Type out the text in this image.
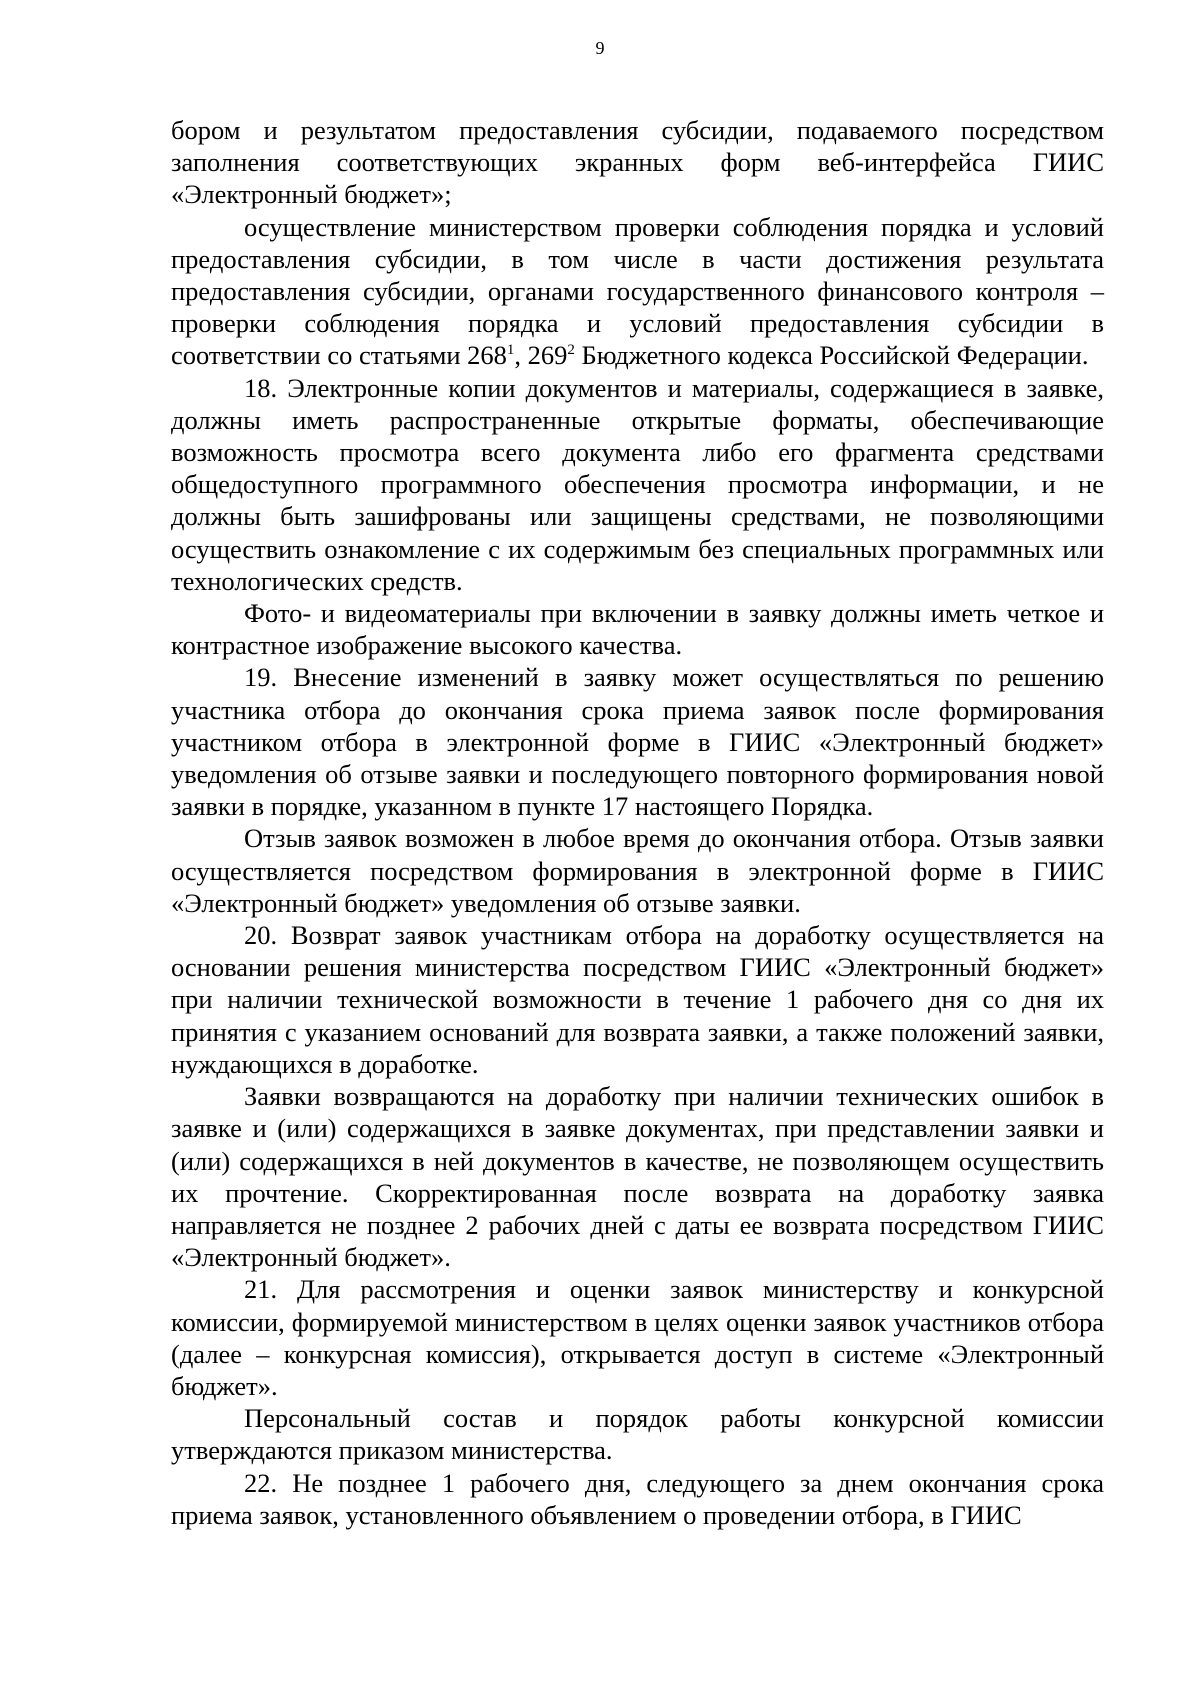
9

бором и результатом предоставления субсидии, подаваемого посредством заполнения соответствующих экранных форм веб-интерфейса ГИИС «Электронный бюджет»;

осуществление министерством проверки соблюдения порядка и условий предоставления субсидии, в том числе в части достижения результата предоставления субсидии, органами государственного финансового контроля – проверки соблюдения порядка и условий предоставления субсидии в соответствии со статьями $268^1$, $269^2$ Бюджетного кодекса Российской Федерации.

18. Электронные копии документов и материалы, содержащиеся в заявке, должны иметь распространенные открытые форматы, обеспечивающие возможность просмотра всего документа либо его фрагмента средствами общедоступного программного обеспечения просмотра информации, и не должны быть зашифрованы или защищены средствами, не позволяющими осуществить ознакомление с их содержимым без специальных программных или технологических средств.

Фото- и видеоматериалы при включении в заявку должны иметь четкое и контрастное изображение высокого качества.

19. Внесение изменений в заявку может осуществляться по решению участника отбора до окончания срока приема заявок после формирования участником отбора в электронной форме в ГИИС «Электронный бюджет» уведомления об отзыве заявки и последующего повторного формирования новой заявки в порядке, указанном в пункте 17 настоящего Порядка.

Отзыв заявок возможен в любое время до окончания отбора. Отзыв заявки осуществляется посредством формирования в электронной форме в ГИИС «Электронный бюджет» уведомления об отзыве заявки.

20. Возврат заявок участникам отбора на доработку осуществляется на основании решения министерства посредством ГИИС «Электронный бюджет» при наличии технической возможности в течение 1 рабочего дня со дня их принятия с указанием оснований для возврата заявки, а также положений заявки, нуждающихся в доработке.

Заявки возвращаются на доработку при наличии технических ошибок в заявке и (или) содержащихся в заявке документах, при представлении заявки и (или) содержащихся в ней документов в качестве, не позволяющем осуществить их прочтение. Скорректированная после возврата на доработку заявка направляется не позднее 2 рабочих дней с даты ее возврата посредством ГИИС «Электронный бюджет».

21. Для рассмотрения и оценки заявок министерству и конкурсной комиссии, формируемой министерством в целях оценки заявок участников отбора (далее – конкурсная комиссия), открывается доступ в системе «Электронный бюджет».

Персональный состав и порядок работы конкурсной комиссии утверждаются приказом министерства.

22. Не позднее 1 рабочего дня, следующего за днем окончания срока приема заявок, установленного объявлением о проведении отбора, в ГИИС
